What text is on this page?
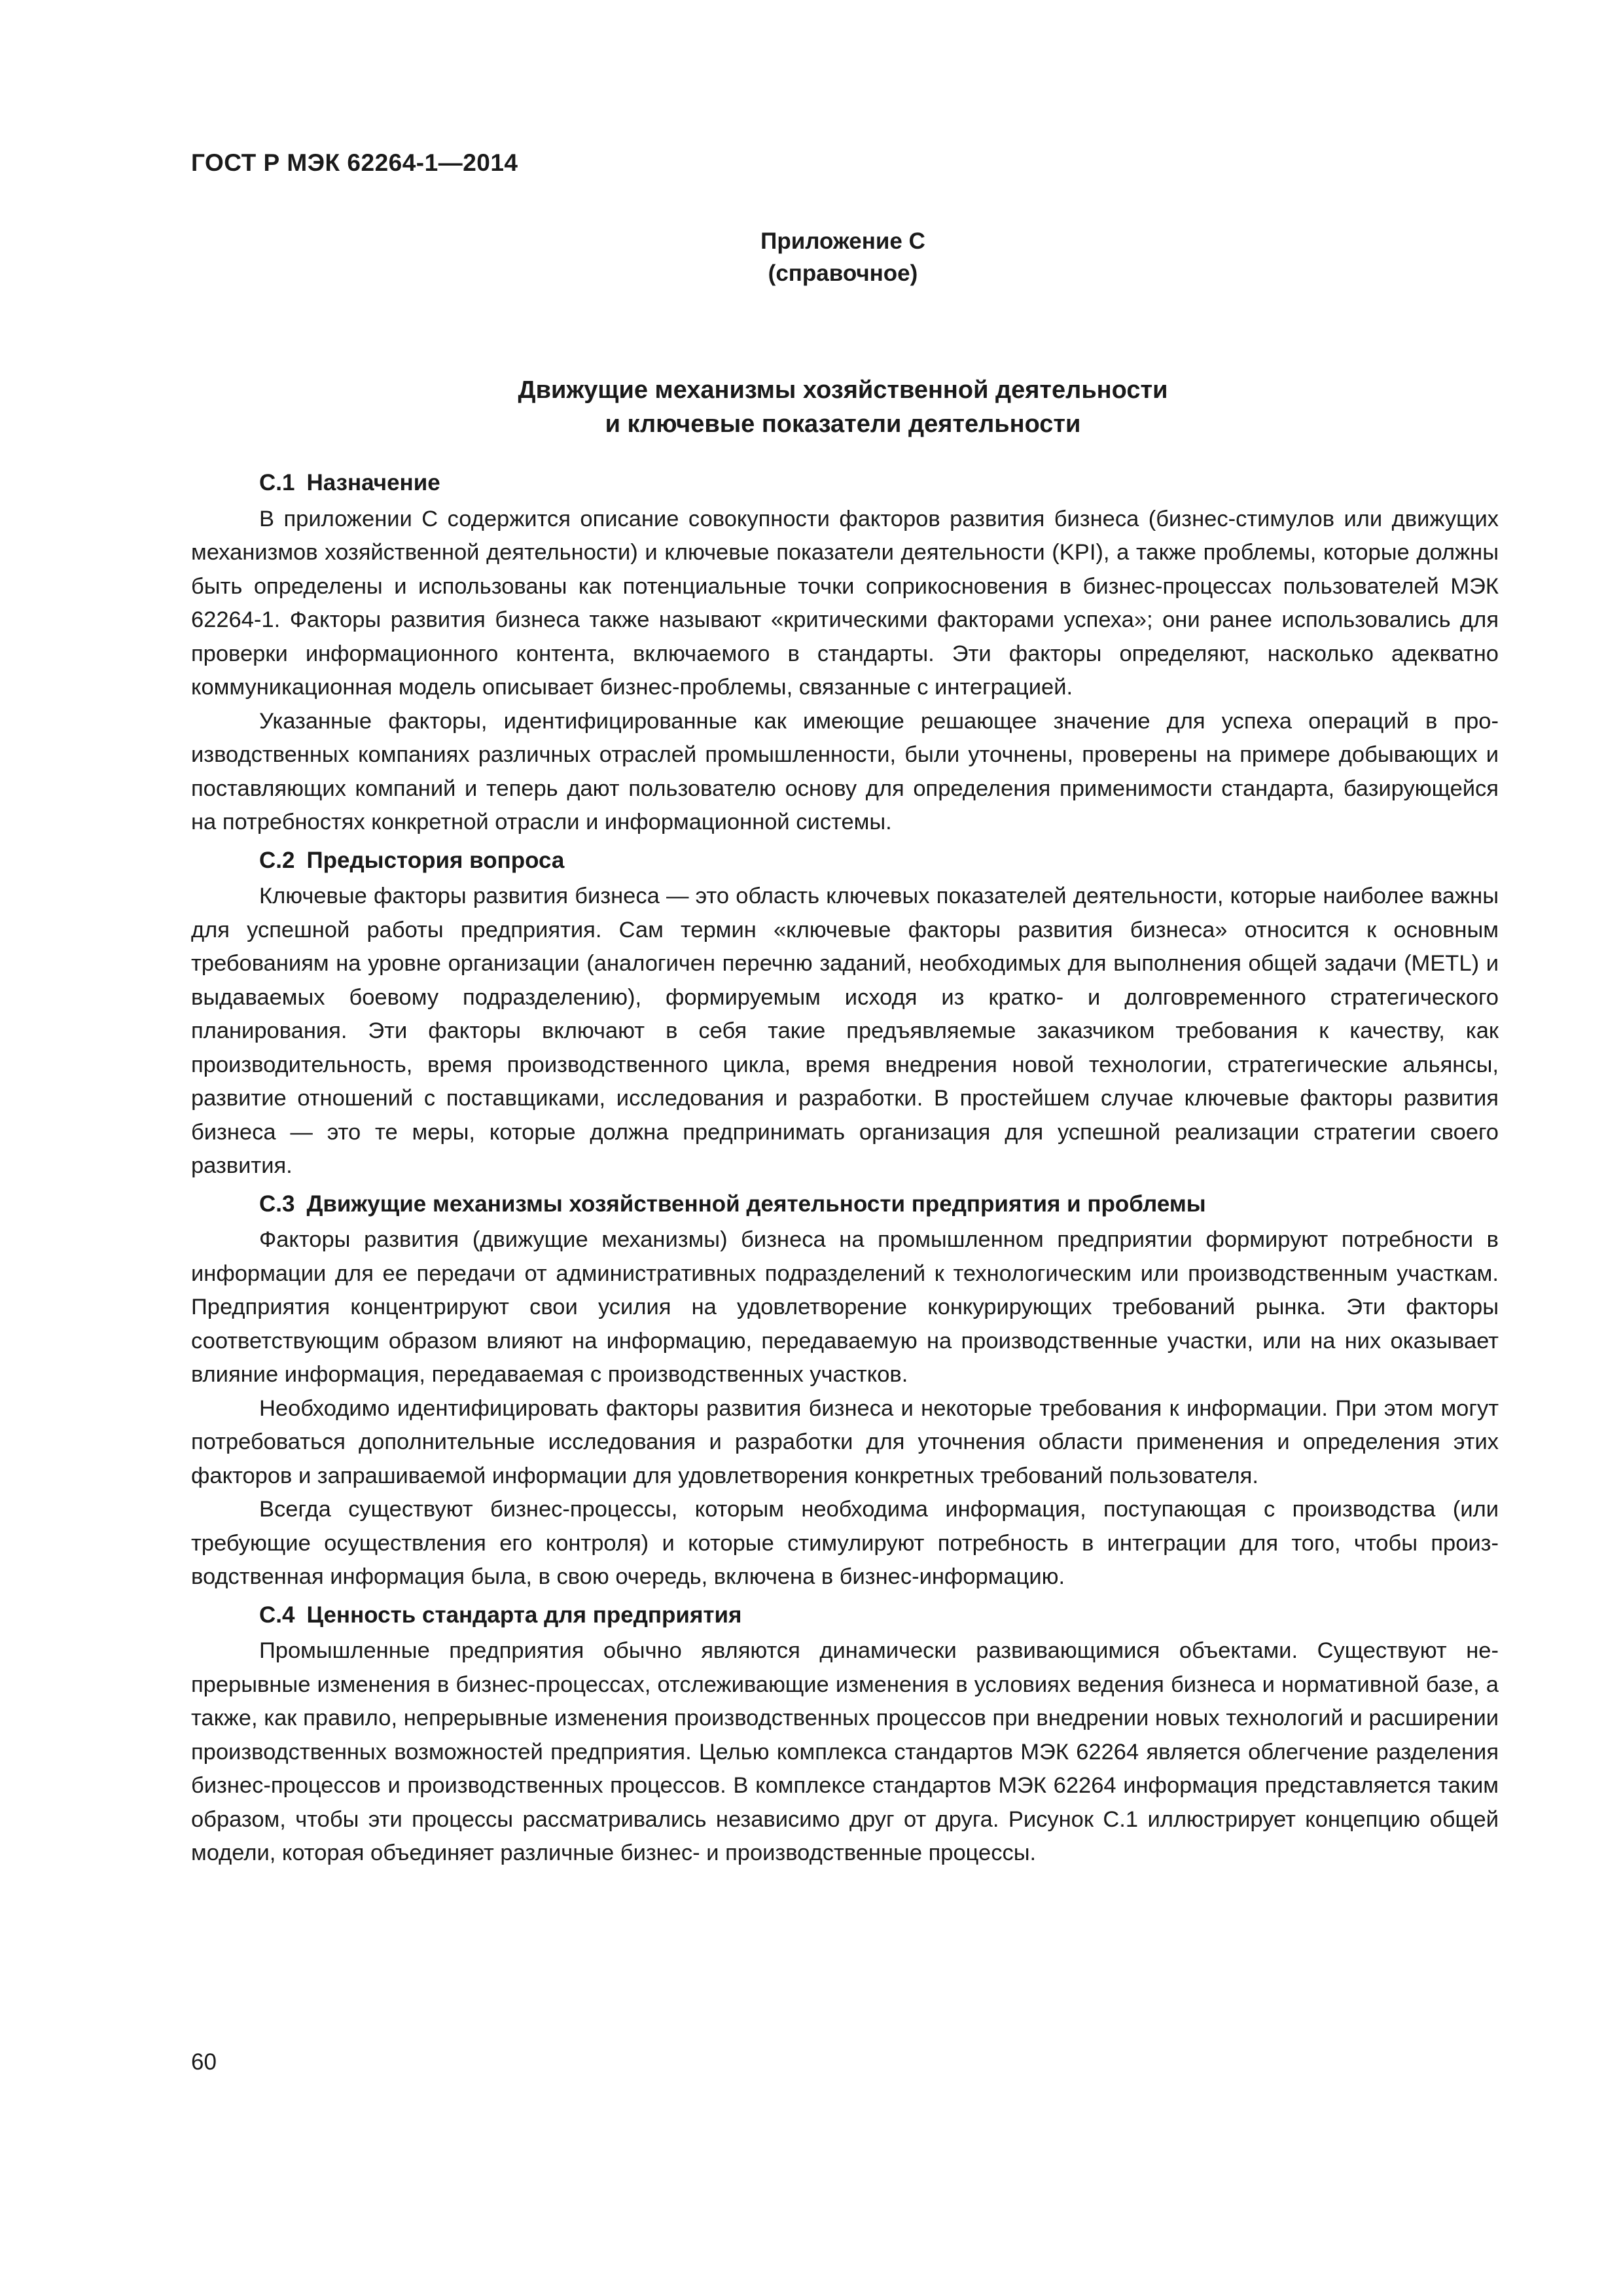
ГОСТ Р МЭК 62264-1—2014
Приложение С
(справочное)
Движущие механизмы хозяйственной деятельности
и ключевые показатели деятельности

С.1 Назначение

В приложении С содержится описание совокупности факторов развития бизнеса (бизнес-стимулов или движущих механизмов хозяйственной деятельности) и ключевые показатели деятельности (KPI), а также проблемы, которые должны быть определены и использованы как потенциальные точки соприкосновения в бизнес-процессах пользователей МЭК 62264-1. Факторы развития бизнеса также называют «критическими факторами успеха»; они ранее использовались для проверки информационного контента, включаемого в стандарты. Эти факторы определяют, насколько адекватно коммуникационная модель описывает бизнес-проблемы, связанные с интеграцией.

Указанные факторы, идентифицированные как имеющие решающее значение для успеха операций в производственных компаниях различных отраслей промышленности, были уточнены, проверены на примере добывающих и поставляющих компаний и теперь дают пользователю основу для определения применимости стандарта, базирующейся на потребностях конкретной отрасли и информационной системы.

С.2 Предыстория вопроса

Ключевые факторы развития бизнеса — это область ключевых показателей деятельности, которые наиболее важны для успешной работы предприятия. Сам термин «ключевые факторы развития бизнеса» относится к основным требованиям на уровне организации (аналогичен перечню заданий, необходимых для выполнения общей задачи (METL) и выдаваемых боевому подразделению), формируемым исходя из кратко- и долговременного стратегического планирования. Эти факторы включают в себя такие предъявляемые заказчиком требования к качеству, как производительность, время производственного цикла, время внедрения новой технологии, стратегические альянсы, развитие отношений с поставщиками, исследования и разработки. В простейшем случае ключевые факторы развития бизнеса — это те меры, которые должна предпринимать организация для успешной реализации стратегии своего развития.

С.3 Движущие механизмы хозяйственной деятельности предприятия и проблемы

Факторы развития (движущие механизмы) бизнеса на промышленном предприятии формируют потребности в информации для ее передачи от административных подразделений к технологическим или производственным участкам. Предприятия концентрируют свои усилия на удовлетворение конкурирующих требований рынка. Эти факторы соответствующим образом влияют на информацию, передаваемую на производственные участки, или на них оказывает влияние информация, передаваемая с производственных участков.

Необходимо идентифицировать факторы развития бизнеса и некоторые требования к информации. При этом могут потребоваться дополнительные исследования и разработки для уточнения области применения и определения этих факторов и запрашиваемой информации для удовлетворения конкретных требований пользователя.

Всегда существуют бизнес-процессы, которым необходима информация, поступающая с производства (или требующие осуществления его контроля) и которые стимулируют потребность в интеграции для того, чтобы производственная информация была, в свою очередь, включена в бизнес-информацию.

С.4 Ценность стандарта для предприятия

Промышленные предприятия обычно являются динамически развивающимися объектами. Существуют непрерывные изменения в бизнес-процессах, отслеживающие изменения в условиях ведения бизнеса и нормативной базе, а также, как правило, непрерывные изменения производственных процессов при внедрении новых технологий и расширении производственных возможностей предприятия. Целью комплекса стандартов МЭК 62264 является облегчение разделения бизнес-процессов и производственных процессов. В комплексе стандартов МЭК 62264 информация представляется таким образом, чтобы эти процессы рассматривались независимо друг от друга. Рисунок С.1 иллюстрирует концепцию общей модели, которая объединяет различные бизнес- и производственные процессы.

60
